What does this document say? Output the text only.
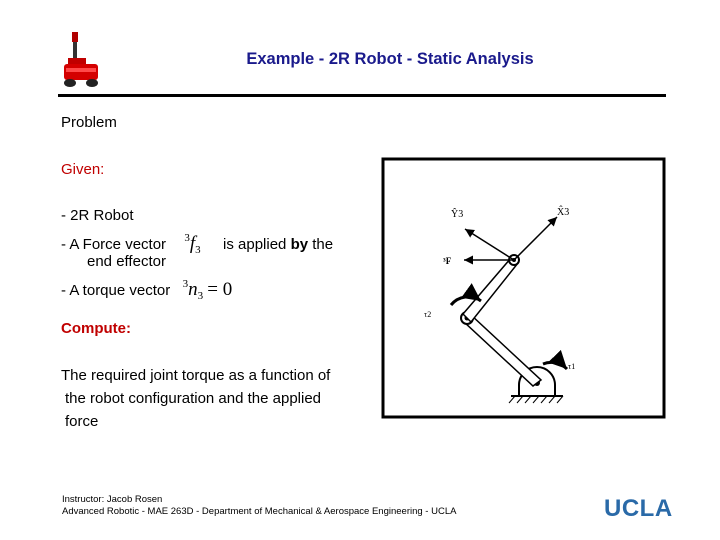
Example - 2R Robot - Static Analysis
Problem
Given:
- 2R Robot
- A Force vector $^3f_3$ is applied by the
end effector
- A torque vector $^3n_3 = 0$
Compute:
The required joint torque as a function of
the robot configuration and the applied
force
Ŷ3	X̂3
³F
τ2
τ1
Instructor: Jacob Rosen
Advanced Robotic - MAE 263D - Department of Mechanical & Aerospace Engineering - UCLA	UCLA
